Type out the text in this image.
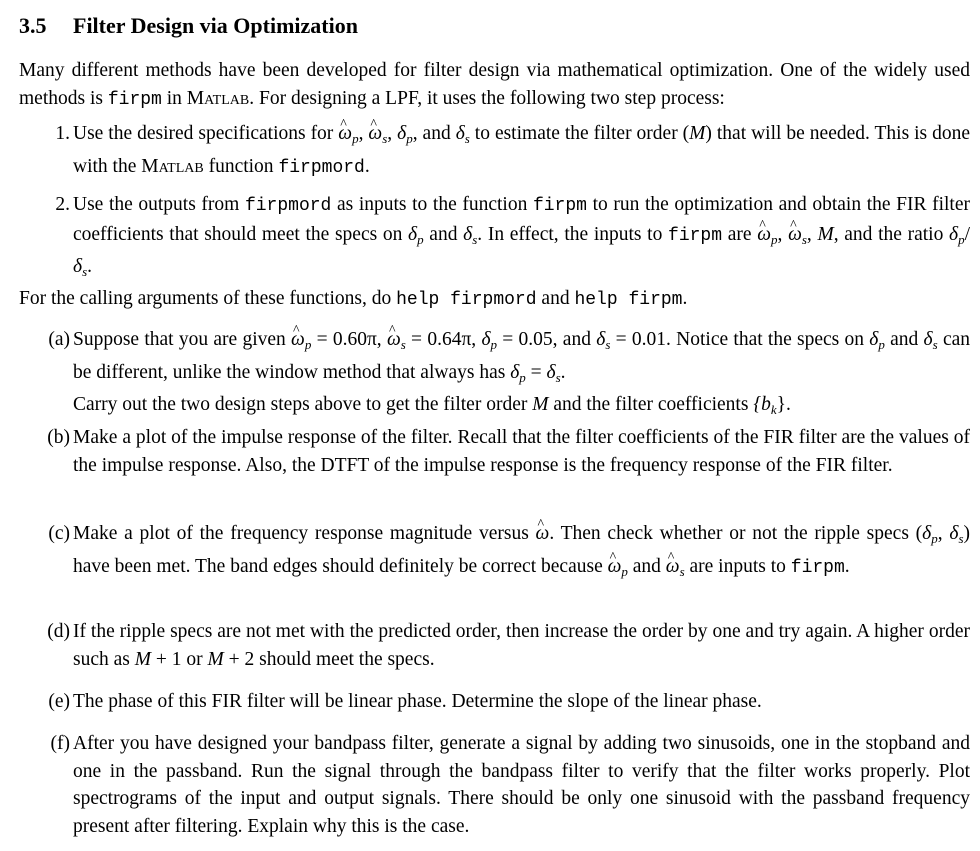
3.5 Filter Design via Optimization
Many different methods have been developed for filter design via mathematical optimization. One of the widely used methods is firpm in Matlab. For designing a LPF, it uses the following two step process:
1. Use the desired specifications for ^ $\omega_p$, ^ $\omega_s$, $\delta_p$, and $\delta_s$ to estimate the filter order (M) that will be needed. This is done with the Matlab function firpmord.
2. Use the outputs from firpmord as inputs to the function firpm to run the optimization and obtain the FIR filter coefficients that should meet the specs on $\delta_p$ and $\delta_s$. In effect, the inputs to firpm are ^ $\omega_p$, ^ $\omega_s$, M, and the ratio $\delta_p/\delta_s$.
For the calling arguments of these functions, do help firpmord and help firpm.
(a) Suppose that you are given ^ $\omega_p = 0.60\pi$, ^ $\omega_s = 0.64\pi$, $\delta_p = 0.05$, and $\delta_s = 0.01$. Notice that the specs on $\delta_p$ and $\delta_s$ can be different, unlike the window method that always has $\delta_p = \delta_s$.
Carry out the two design steps above to get the filter order M and the filter coefficients $\{b_k\}$.
(b) Make a plot of the impulse response of the filter. Recall that the filter coefficients of the FIR filter are the values of the impulse response. Also, the DTFT of the impulse response is the frequency response of the FIR filter.
(c) Make a plot of the frequency response magnitude versus ^ ω. Then check whether or not the ripple specs ($\delta_p$, $\delta_s$) have been met. The band edges should definitely be correct because ^ $\omega_p$ and ^ $\omega_s$ are inputs to firpm.
(d) If the ripple specs are not met with the predicted order, then increase the order by one and try again. A higher order such as M + 1 or M + 2 should meet the specs.
(e) The phase of this FIR filter will be linear phase. Determine the slope of the linear phase.
(f) After you have designed your bandpass filter, generate a signal by adding two sinusoids, one in the stopband and one in the passband. Run the signal through the bandpass filter to verify that the filter works properly. Plot spectrograms of the input and output signals. There should be only one sinusoid with the passband frequency present after filtering. Explain why this is the case.
